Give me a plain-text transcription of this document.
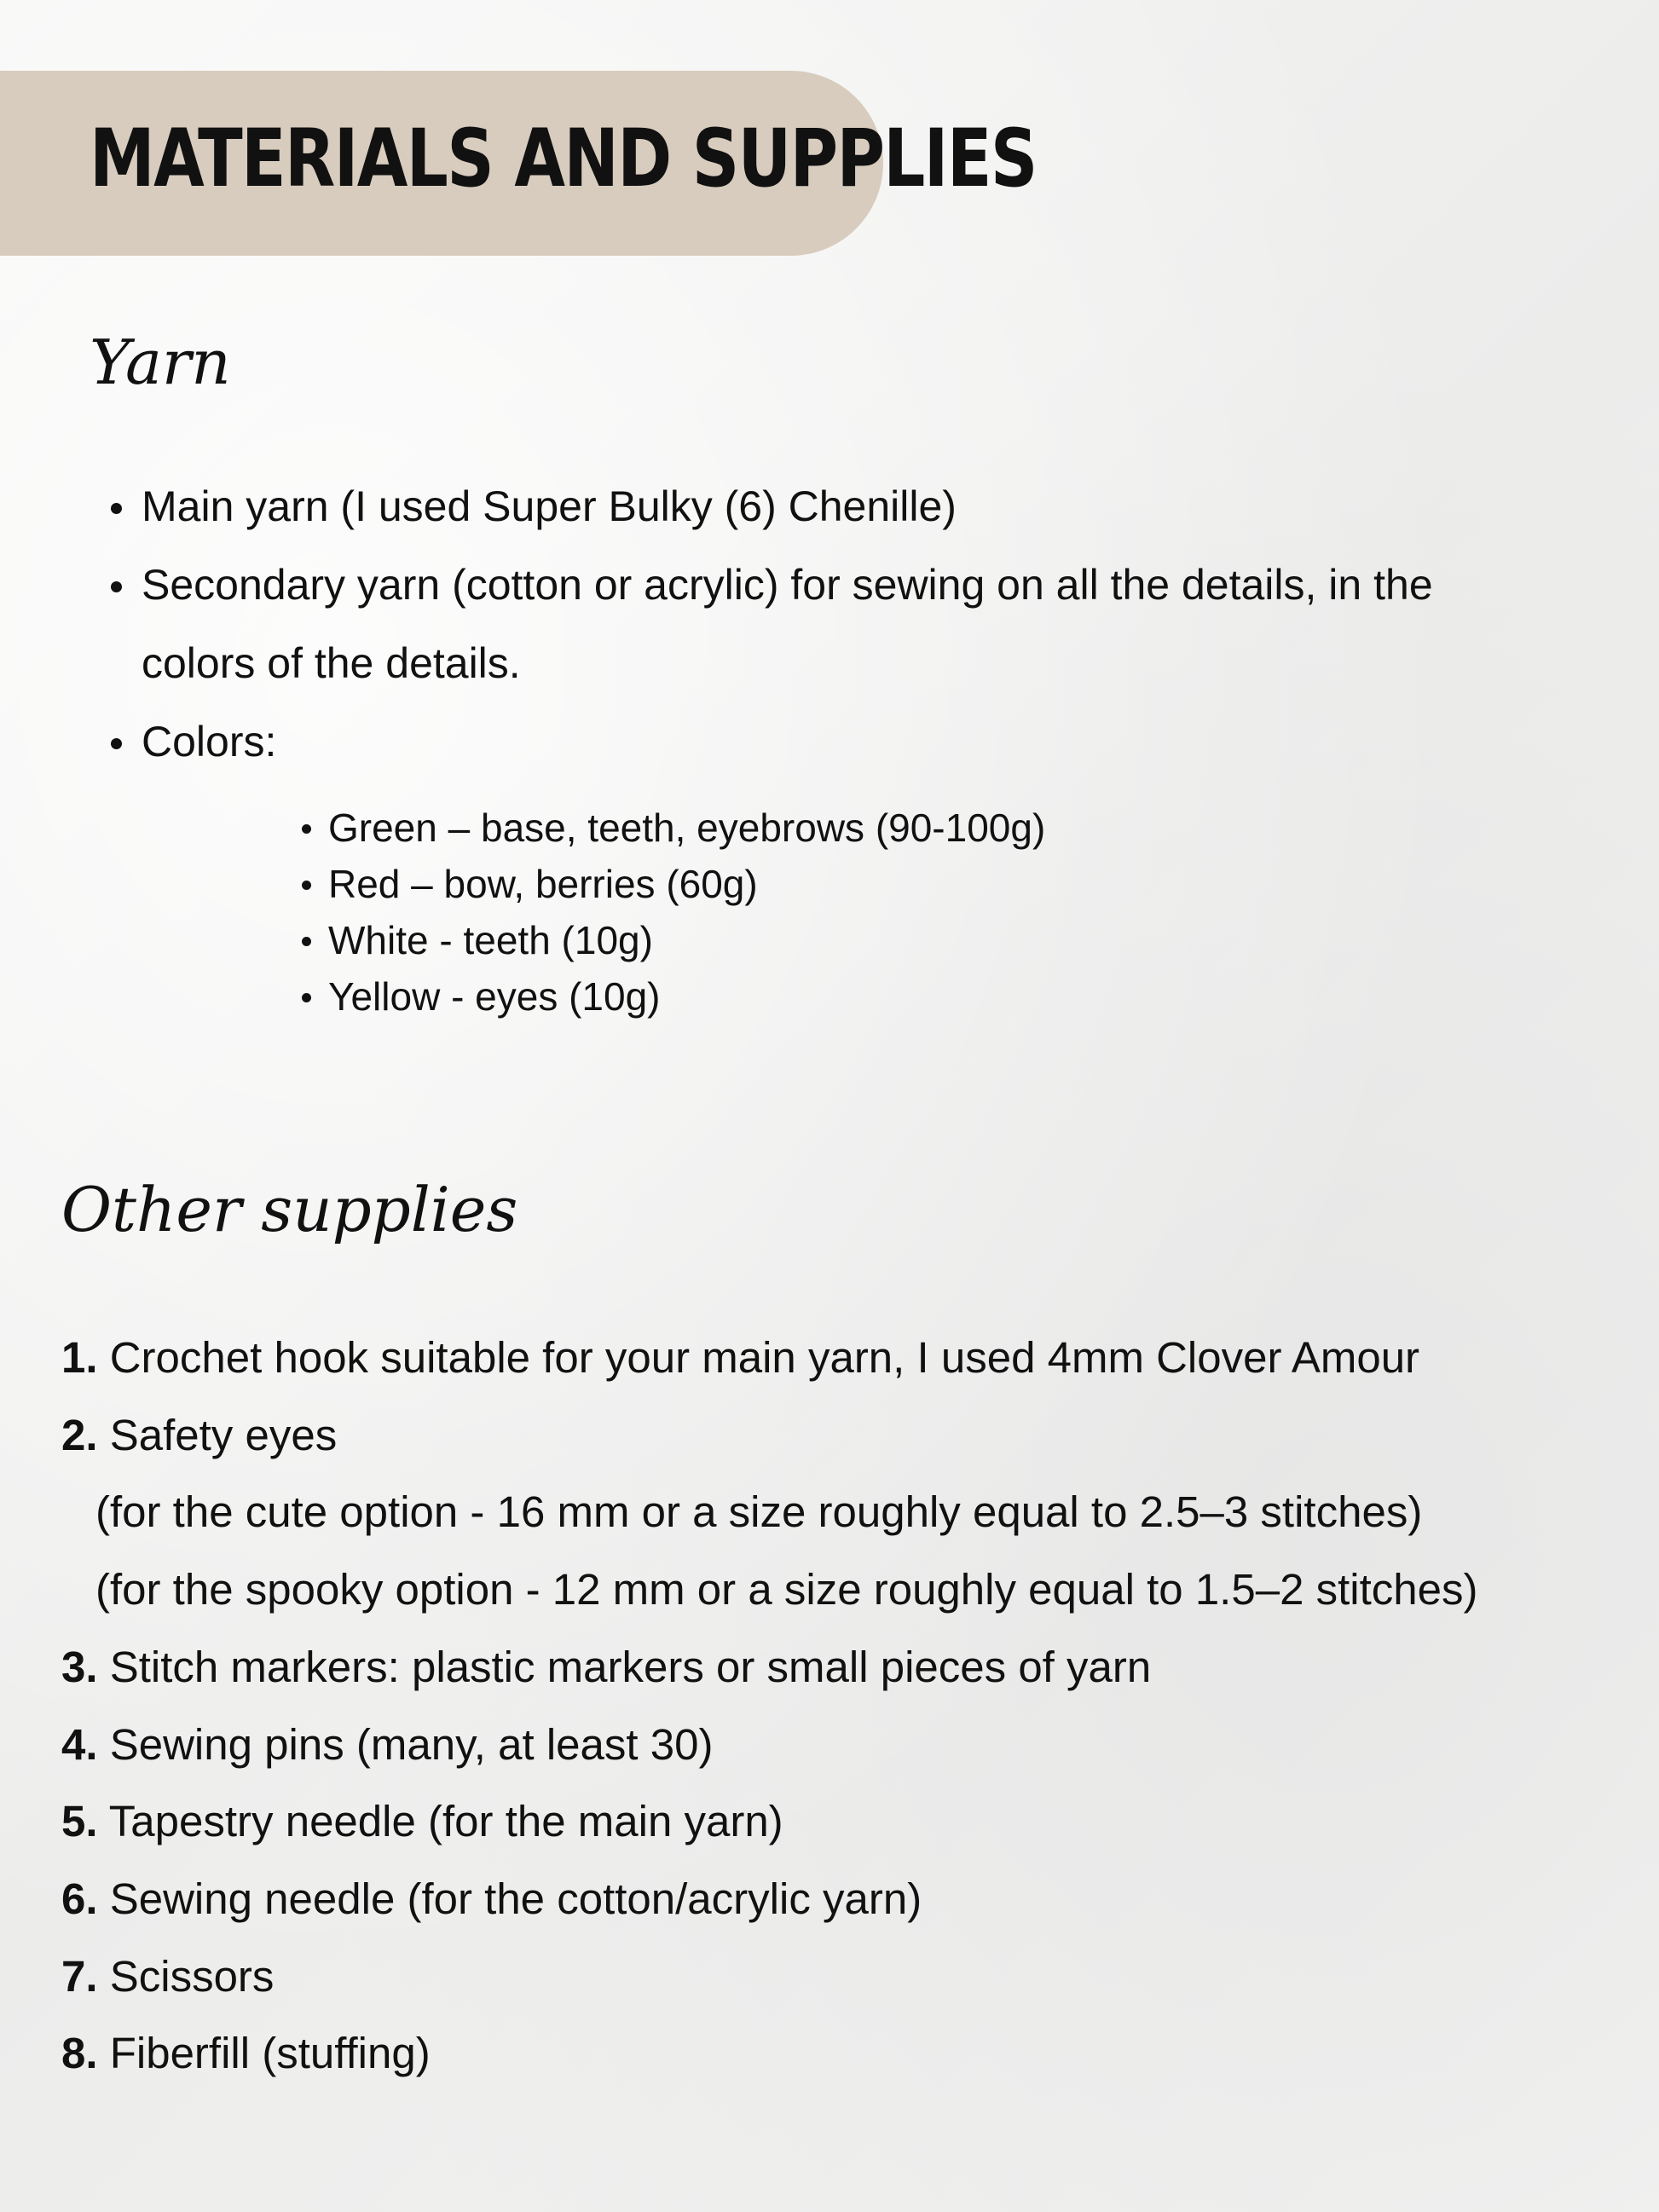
MATERIALS AND SUPPLIES
Yarn
Main yarn (I used Super Bulky (6) Chenille)
Secondary yarn (cotton or acrylic) for sewing on all the details, in the colors of the details.
Colors:
Green – base, teeth, eyebrows (90-100g)
Red – bow, berries (60g)
White - teeth (10g)
Yellow - eyes (10g)
Other supplies
1. Crochet hook suitable for your main yarn, I used 4mm Clover Amour
2. Safety eyes
(for the cute option - 16 mm or a size roughly equal to 2.5–3 stitches)
(for the spooky option - 12 mm or a size roughly equal to 1.5–2 stitches)
3. Stitch markers: plastic markers or small pieces of yarn
4. Sewing pins (many, at least 30)
5. Tapestry needle (for the main yarn)
6. Sewing needle (for the cotton/acrylic yarn)
7. Scissors
8. Fiberfill (stuffing)
